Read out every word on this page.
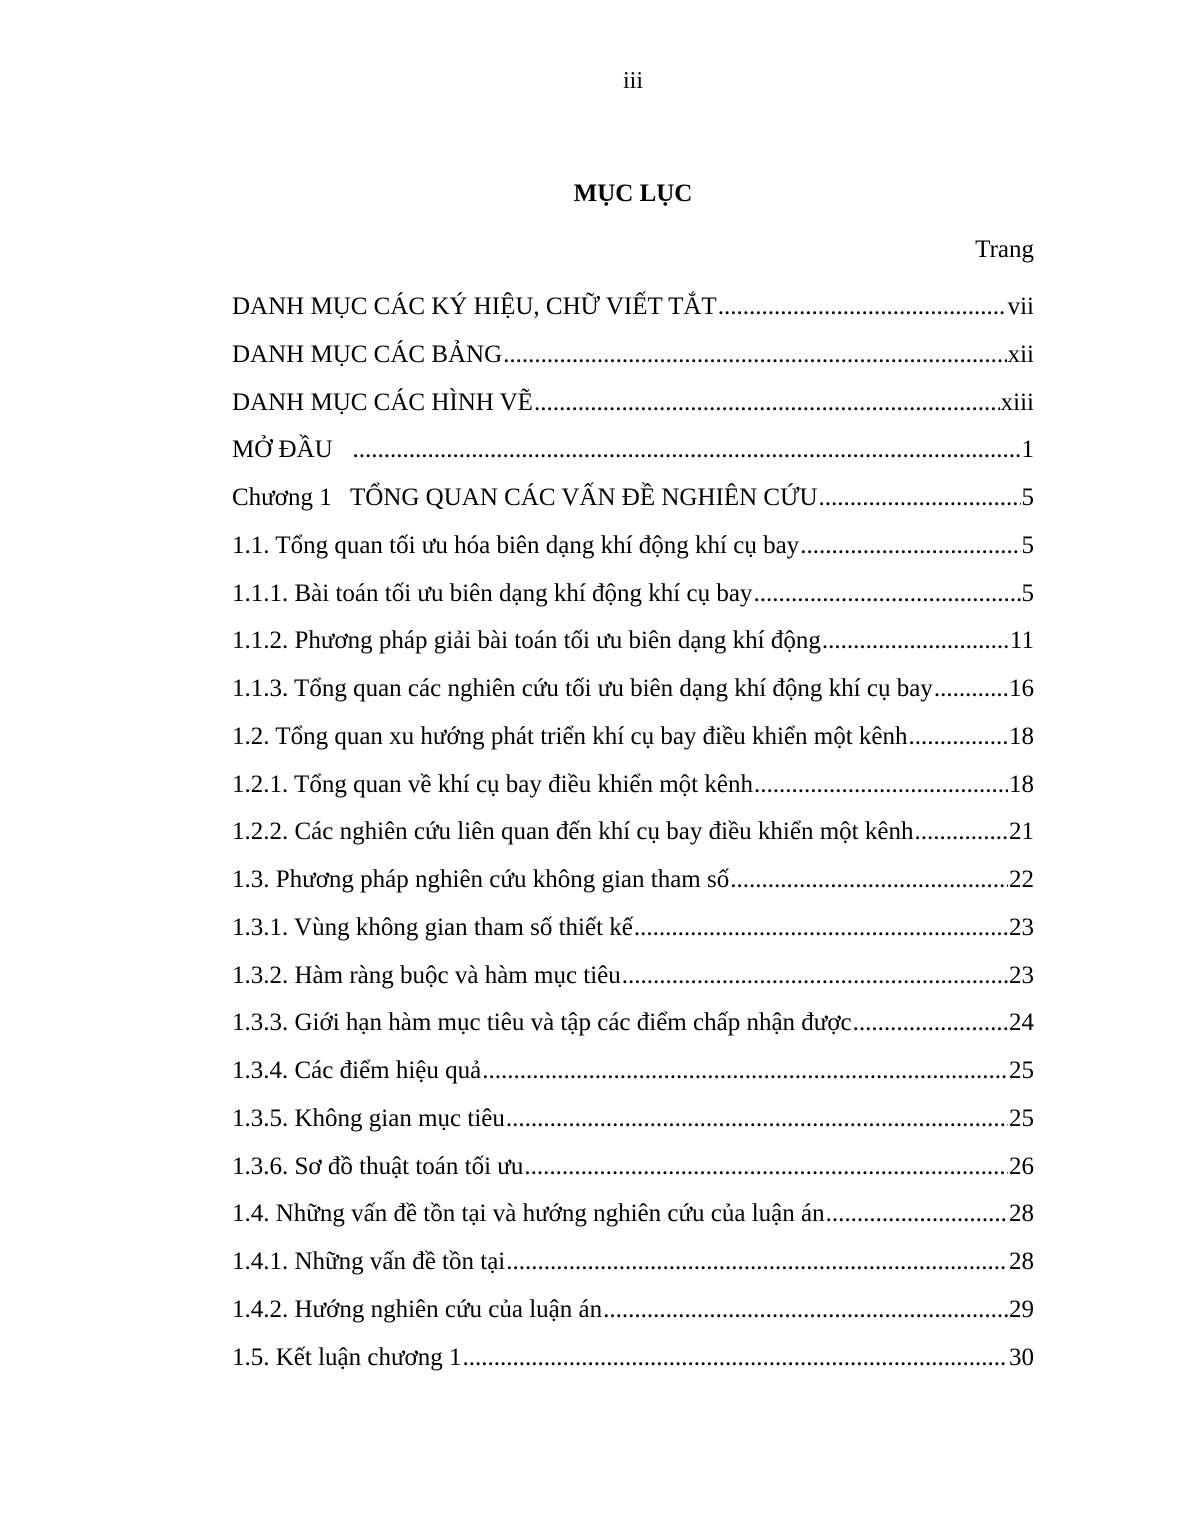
iii
MỤC LỤC
Trang
DANH MỤC CÁC KÝ HIỆU, CHỮ VIẾT TẮT .....	vii
DANH MỤC CÁC BẢNG .....	xii
DANH MỤC CÁC HÌNH VẼ .....	xiii
MỞ ĐẦU .....	1
Chương 1   TỔNG QUAN CÁC VẤN ĐỀ NGHIÊN CỨU .....	5
1.1. Tổng quan tối ưu hóa biên dạng khí động khí cụ bay .....	5
1.1.1. Bài toán tối ưu biên dạng khí động khí cụ bay .....	5
1.1.2. Phương pháp giải bài toán tối ưu biên dạng khí động .....	11
1.1.3. Tổng quan các nghiên cứu tối ưu biên dạng khí động khí cụ bay .....	16
1.2. Tổng quan xu hướng phát triển khí cụ bay điều khiển một kênh .....	18
1.2.1. Tổng quan về khí cụ bay điều khiển một kênh .....	18
1.2.2. Các nghiên cứu liên quan đến khí cụ bay điều khiển một kênh .....	21
1.3. Phương pháp nghiên cứu không gian tham số .....	22
1.3.1. Vùng không gian tham số thiết kế .....	23
1.3.2. Hàm ràng buộc và hàm mục tiêu .....	23
1.3.3. Giới hạn hàm mục tiêu và tập các điểm chấp nhận được .....	24
1.3.4. Các điểm hiệu quả .....	25
1.3.5. Không gian mục tiêu .....	25
1.3.6. Sơ đồ thuật toán tối ưu .....	26
1.4. Những vấn đề tồn tại và hướng nghiên cứu của luận án .....	28
1.4.1. Những vấn đề tồn tại .....	28
1.4.2. Hướng nghiên cứu của luận án .....	29
1.5. Kết luận chương 1 .....	30
